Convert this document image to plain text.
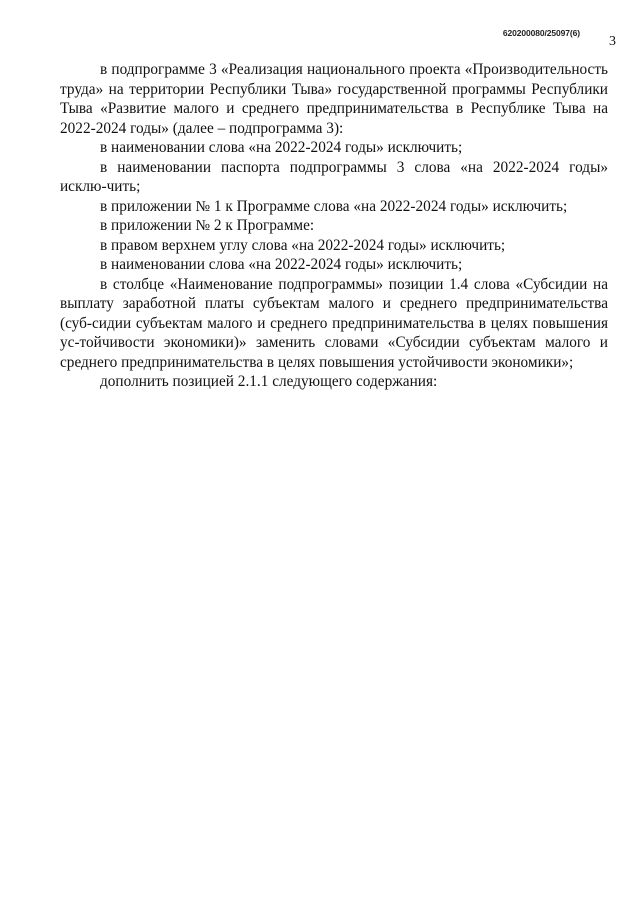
620200080/25097(6)
3

в подпрограмме 3 «Реализация национального проекта «Производительность труда» на территории Республики Тыва» государственной программы Республики Тыва «Развитие малого и среднего предпринимательства в Республике Тыва на 2022-2024 годы» (далее – подпрограмма 3):

в наименовании слова «на 2022-2024 годы» исключить;

в наименовании паспорта подпрограммы 3 слова «на 2022-2024 годы» исклю-чить;

в приложении № 1 к Программе слова «на 2022-2024 годы» исключить;

в приложении № 2 к Программе:

в правом верхнем углу слова «на 2022-2024 годы» исключить;

в наименовании слова «на 2022-2024 годы» исключить;

в столбце «Наименование подпрограммы» позиции 1.4 слова «Субсидии на выплату заработной платы субъектам малого и среднего предпринимательства (суб-сидии субъектам малого и среднего предпринимательства в целях повышения ус-тойчивости экономики)» заменить словами «Субсидии субъектам малого и среднего предпринимательства в целях повышения устойчивости экономики»;

дополнить позицией 2.1.1 следующего содержания:
